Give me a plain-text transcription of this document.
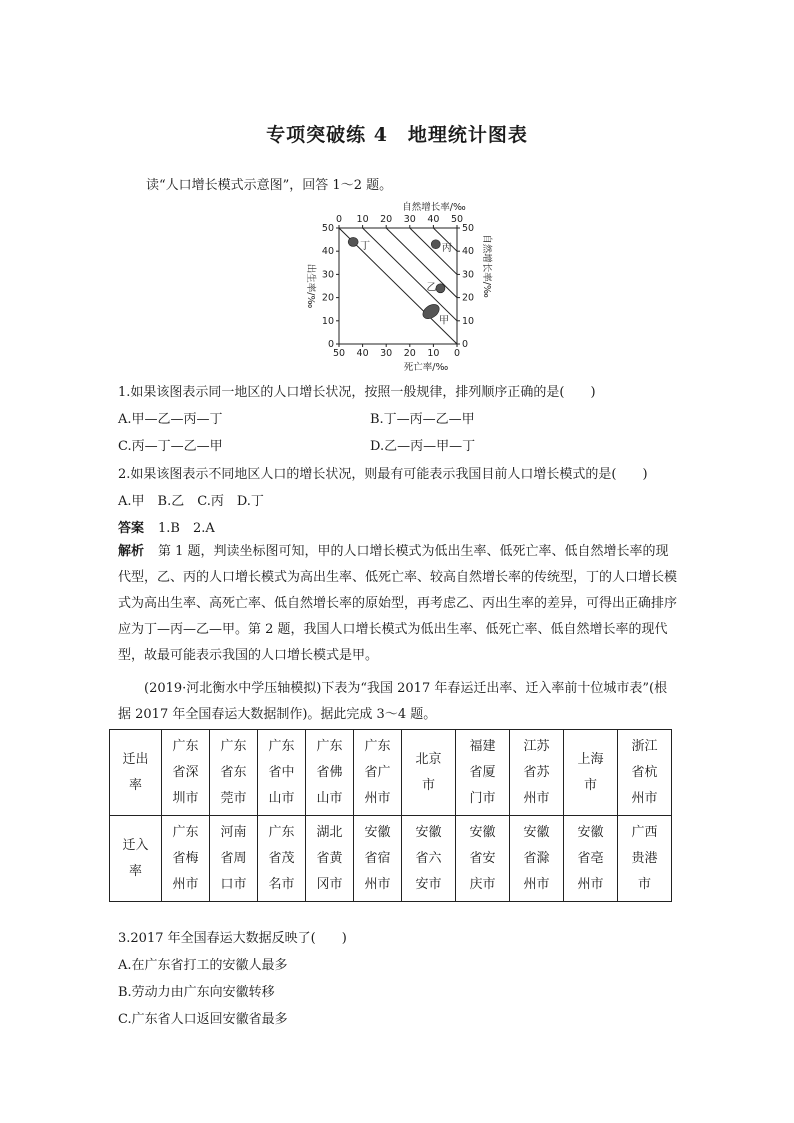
专项突破练 4　地理统计图表
读“人口增长模式示意图”，回答 1～2 题。
50
40
30
20
10
0
50
40
30
20
10
0
50 40 30 20 10 0
0 10 20 30 40 50
丁	丙
乙
甲
自然增长率/‰
死亡率/‰
出生率/‰	自然增长率/‰
1.如果该图表示同一地区的人口增长状况，按照一般规律，排列顺序正确的是(　　)
A.甲—乙—丙—丁	B.丁—丙—乙—甲
C.丙—丁—乙—甲	D.乙—丙—甲—丁
2.如果该图表示不同地区人口的增长状况，则最有可能表示我国目前人口增长模式的是(　　)
A.甲　B.乙　C.丙　D.丁
答案 1.B　2.A
解析 第 1 题，判读坐标图可知，甲的人口增长模式为低出生率、低死亡率、低自然增长率的现代型，乙、丙的人口增长模式为高出生率、低死亡率、较高自然增长率的传统型，丁的人口增长模式为高出生率、高死亡率、低自然增长率的原始型，再考虑乙、丙出生率的差异，可得出正确排序应为丁—丙—乙—甲。第 2 题，我国人口增长模式为低出生率、低死亡率、低自然增长率的现代型，故最可能表示我国的人口增长模式是甲。
(2019·河北衡水中学压轴模拟)下表为“我国 2017 年春运迁出率、迁入率前十位城市表”(根据 2017 年全国春运大数据制作)。据此完成 3～4 题。
迁出率	广东省深圳市	广东省东莞市	广东省中山市	广东省佛山市	广东省广州市	北京市	福建省厦门市	江苏省苏州市	上海市	浙江省杭州市
迁入率	广东省梅州市	河南省周口市	广东省茂名市	湖北省黄冈市	安徽省宿州市	安徽省六安市	安徽省安庆市	安徽省滁州市	安徽省亳州市	广西贵港市
3.2017 年全国春运大数据反映了(　　)
A.在广东省打工的安徽人最多
B.劳动力由广东向安徽转移
C.广东省人口返回安徽省最多
